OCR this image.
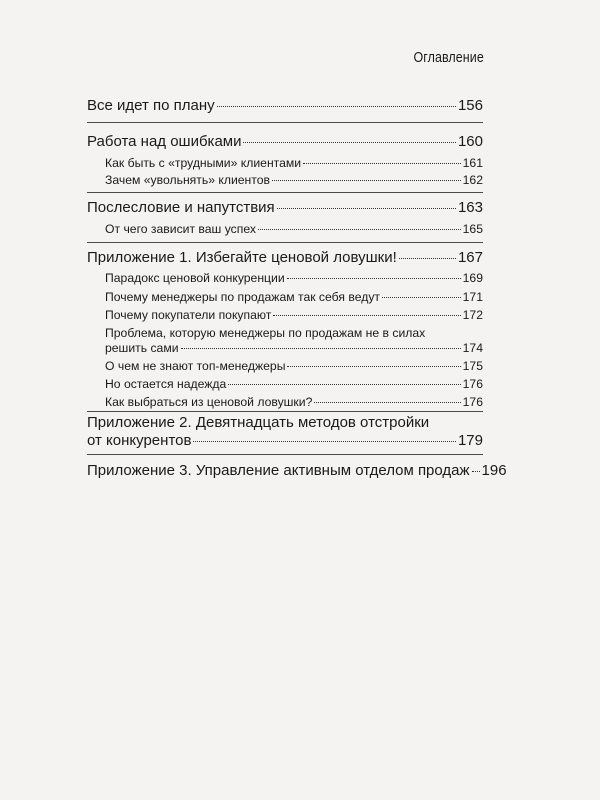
Оглавление
Все идет по плану	156
Работа над ошибками	160
Как быть с «трудными» клиентами	161
Зачем «увольнять» клиентов	162
Послесловие и напутствия	163
От чего зависит ваш успех	165
Приложение 1. Избегайте ценовой ловушки!	167
Парадокс ценовой конкуренции	169
Почему менеджеры по продажам так себя ведут	171
Почему покупатели покупают	172
Проблема, которую менеджеры по продажам не в силах
решить сами	174
О чем не знают топ-менеджеры	175
Но остается надежда	176
Как выбраться из ценовой ловушки?	176
Приложение 2. Девятнадцать методов отстройки
от конкурентов	179
Приложение 3. Управление активным отделом продаж 196
